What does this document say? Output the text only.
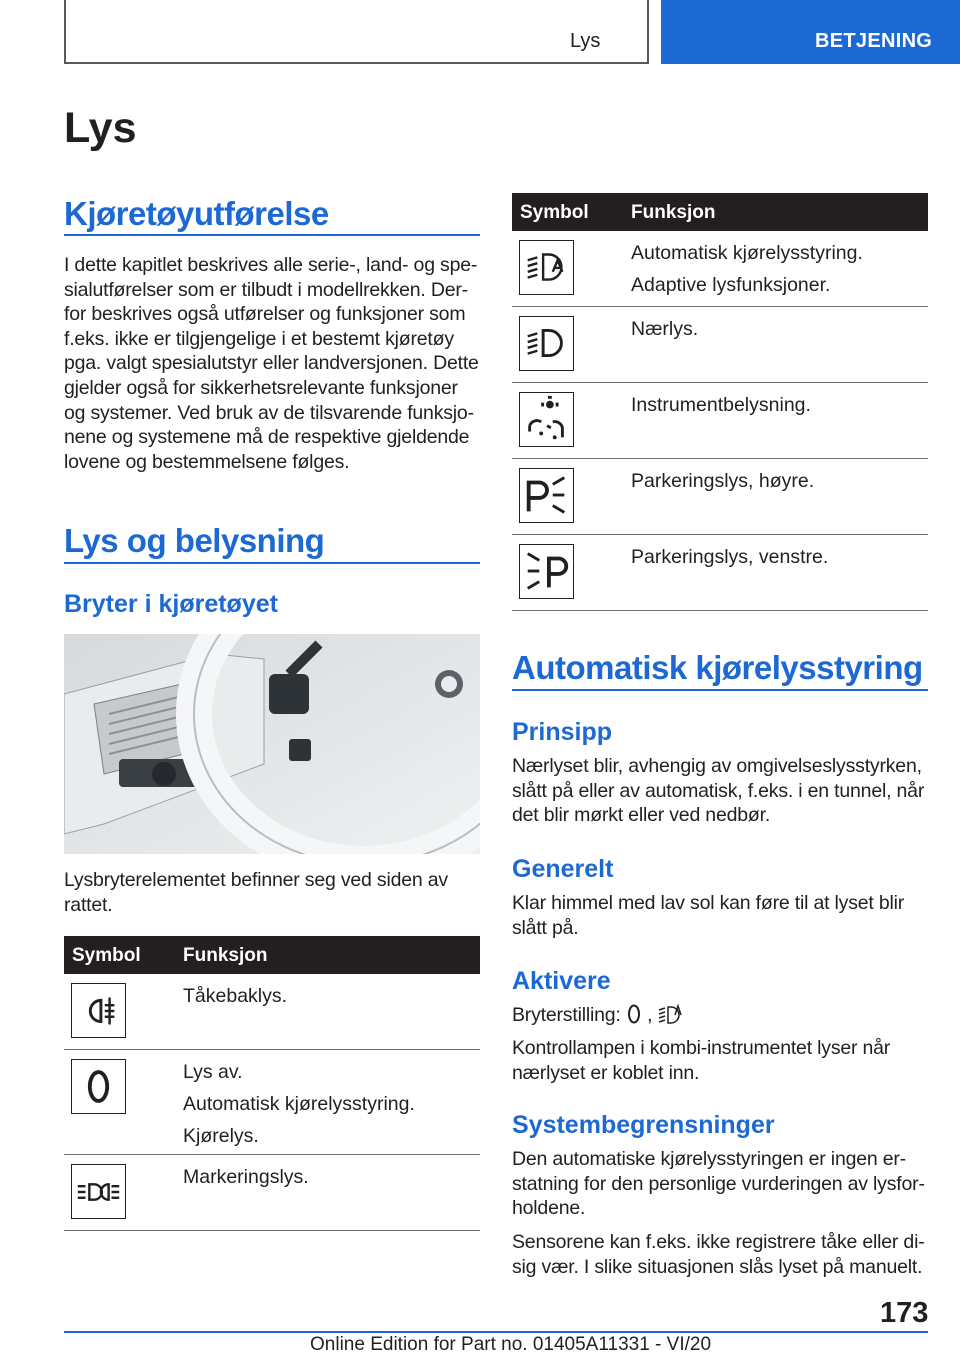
Lys	BETJENING
Lys
Kjøretøyutførelse

I dette kapitlet beskrives alle serie-, land- og spe-
sialutførelser som er tilbudt i modellrekken. Der-
for beskrives også utførelser og funksjoner som
f.eks. ikke er tilgjengelige i et bestemt kjøretøy
pga. valgt spesialutstyr eller landversjonen. Dette
gjelder også for sikkerhetsrelevante funksjoner
og systemer. Ved bruk av de tilsvarende funksjo-
nene og systemene må de respektive gjeldende
lovene og bestemmelsene følges.

Lys og belysning
Bryter i kjøretøyet

Lysbryterelementet befinner seg ved siden av
rattet.

Symbol Funksjon

Tåkebaklys.

Lys av.

Automatisk kjørelysstyring.

Kjørelys.

Markeringslys.

Symbol Funksjon

Automatisk kjørelysstyring.

Adaptive lysfunksjoner.

Nærlys.

Instrumentbelysning.

Parkeringslys, høyre.

Parkeringslys, venstre.

Automatisk kjørelysstyring
Prinsipp

Nærlyset blir, avhengig av omgivelseslysstyrken,
slått på eller av automatisk, f.eks. i en tunnel, når
det blir mørkt eller ved nedbør.

Generelt

Klar himmel med lav sol kan føre til at lyset blir
slått på.

Aktivere

Bryterstilling: ,

Kontrollampen i kombi-instrumentet lyser når
nærlyset er koblet inn.

Systembegrensninger

Den automatiske kjørelysstyringen er ingen er-
statning for den personlige vurderingen av lysfor-
holdene.

Sensorene kan f.eks. ikke registrere tåke eller di-
sig vær. I slike situasjonen slås lyset på manuelt.

173
Online Edition for Part no. 01405A11331 - VI/20
